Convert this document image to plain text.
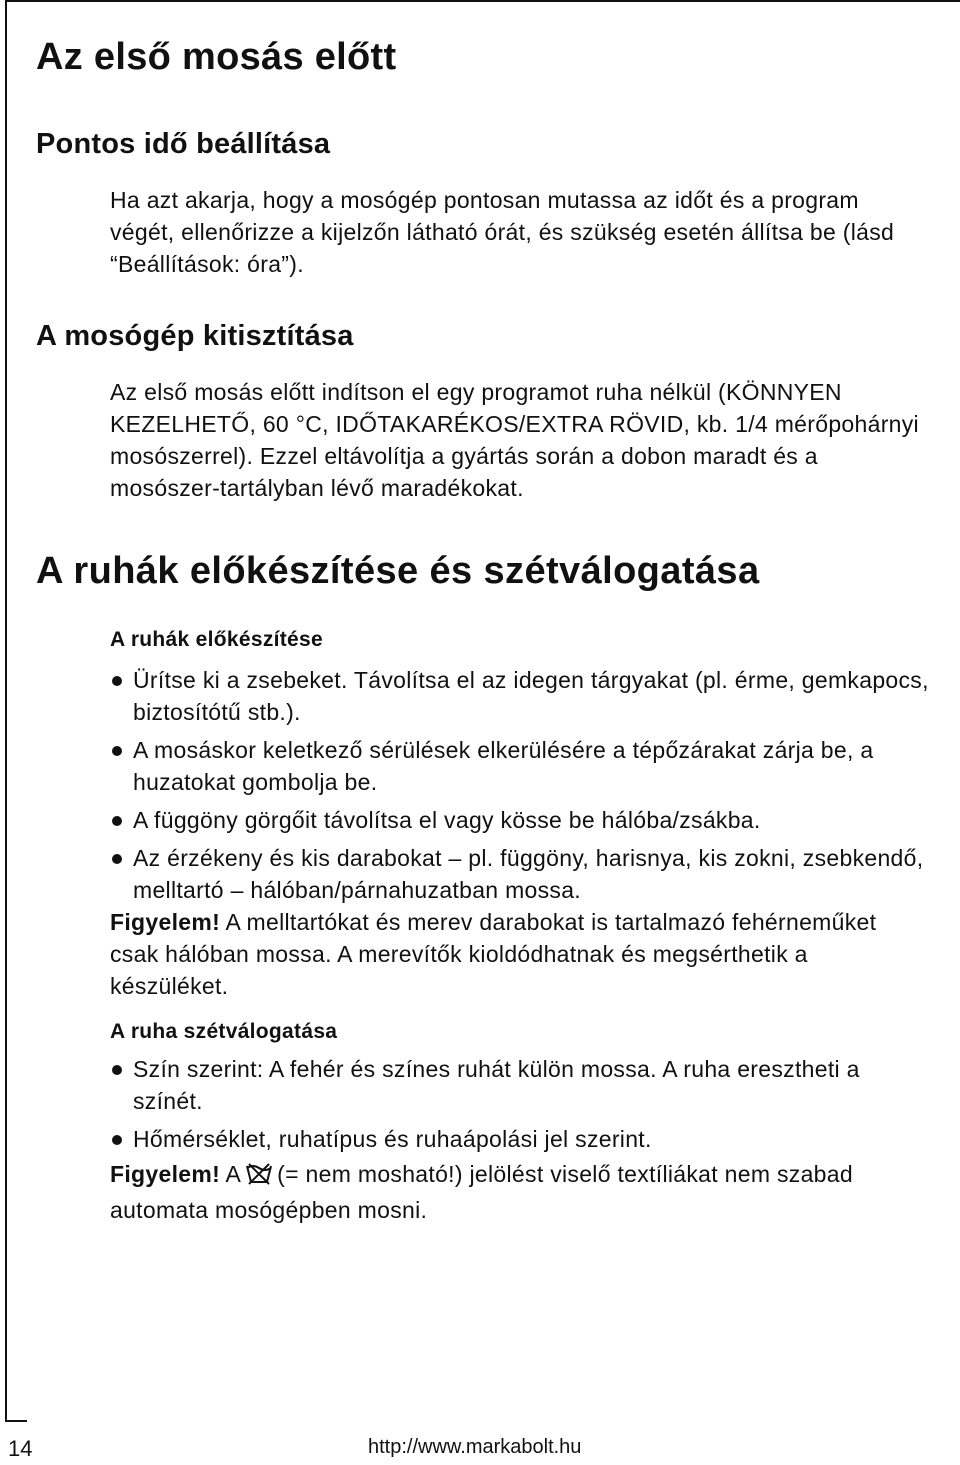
Az első mosás előtt
Pontos idő beállítása

Ha azt akarja, hogy a mosógép pontosan mutassa az időt és a program végét, ellenőrizze a kijelzőn látható órát, és szükség esetén állítsa be (lásd “Beállítások: óra”).

A mosógép kitisztítása

Az első mosás előtt indítson el egy programot ruha nélkül (KÖNNYEN KEZELHETŐ, 60 °C, IDŐTAKARÉKOS/EXTRA RÖVID, kb. 1/4 mérőpohárnyi mosószerrel). Ezzel eltávolítja a gyártás során a dobon maradt és a mosószer-tartályban lévő maradékokat.

A ruhák előkészítése és szétválogatása
A ruhák előkészítése
Ürítse ki a zsebeket. Távolítsa el az idegen tárgyakat (pl. érme, gemkapocs, biztosítótű stb.).
A mosáskor keletkező sérülések elkerülésére a tépőzárakat zárja be, a huzatokat gombolja be.
A függöny görgőit távolítsa el vagy kösse be hálóba/zsákba.
Az érzékeny és kis darabokat – pl. függöny, harisnya, kis zokni, zsebkendő, melltartó – hálóban/párnahuzatban mossa.

Figyelem! A melltartókat és merev darabokat is tartalmazó fehérneműket csak hálóban mossa. A merevítők kioldódhatnak és megsérthetik a készüléket.

A ruha szétválogatása
Szín szerint: A fehér és színes ruhát külön mossa. A ruha eresztheti a színét.
Hőmérséklet, ruhatípus és ruhaápolási jel szerint.

Figyelem! A (= nem mosható!) jelölést viselő textíliákat nem szabad automata mosógépben mosni.

14	http://www.markabolt.hu
